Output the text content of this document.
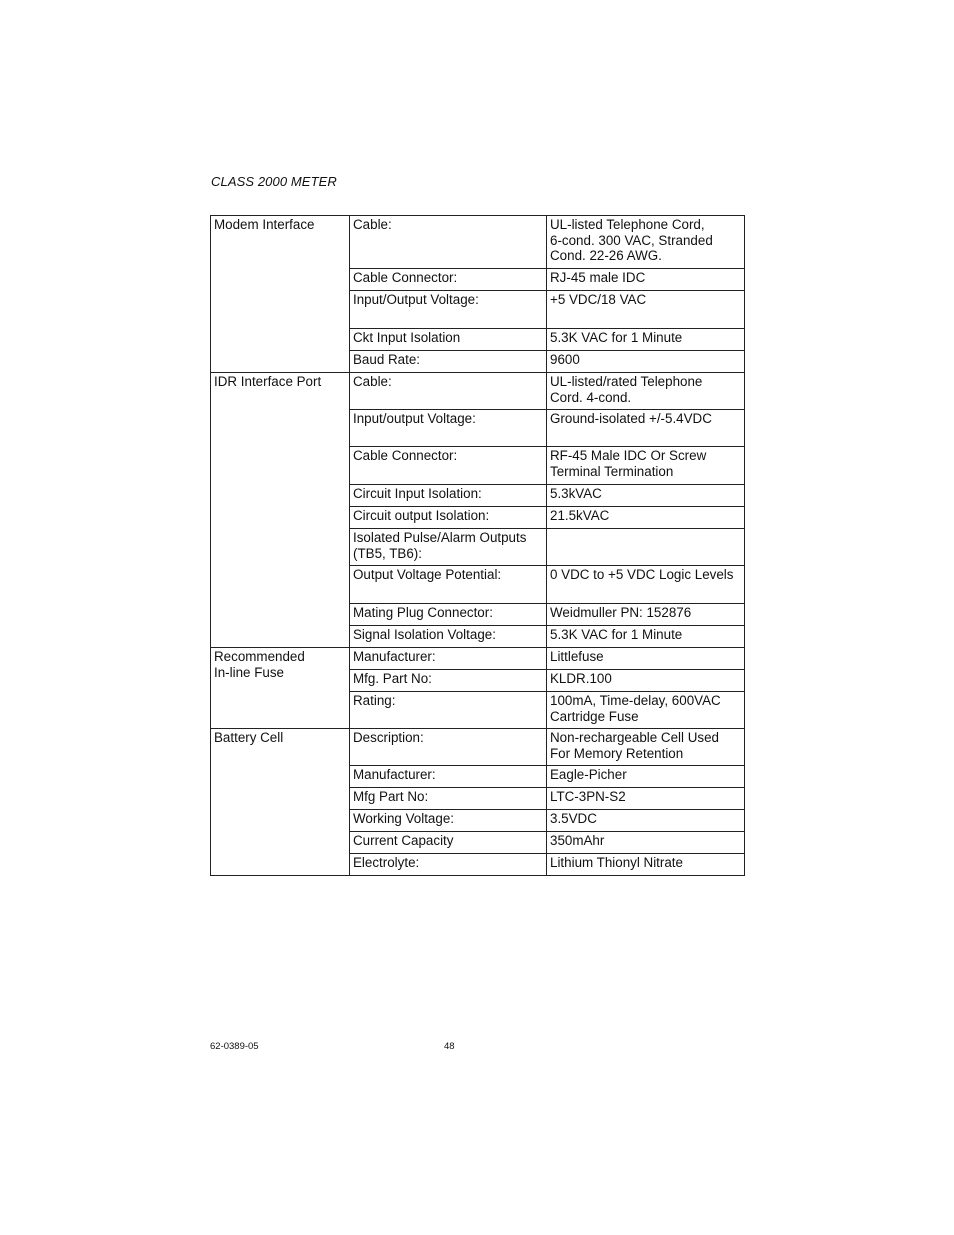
CLASS 2000 METER
Modem Interface	Cable:	UL-listed Telephone Cord,
6-cond. 300 VAC, Stranded
Cond. 22-26 AWG.
	Cable Connector:	RJ-45 male IDC
	Input/Output Voltage:	+5 VDC/18 VAC
	Ckt Input Isolation	5.3K VAC for 1 Minute
	Baud Rate:	9600
IDR Interface Port	Cable:	UL-listed/rated Telephone
Cord. 4-cond.
	Input/output Voltage:	Ground-isolated +/-5.4VDC
	Cable Connector:	RF-45 Male IDC Or Screw
Terminal Termination
	Circuit Input Isolation:	5.3kVAC
	Circuit output Isolation:	21.5kVAC
	Isolated Pulse/Alarm Outputs
(TB5, TB6):	
	Output Voltage Potential:	0 VDC to +5 VDC Logic Levels
	Mating Plug Connector:	Weidmuller PN: 152876
	Signal Isolation Voltage:	5.3K VAC for 1 Minute
Recommended
In-line Fuse	Manufacturer:	Littlefuse
	Mfg. Part No:	KLDR.100
	Rating:	100mA, Time-delay, 600VAC
Cartridge Fuse
Battery Cell	Description:	Non-rechargeable Cell Used
For Memory Retention
	Manufacturer:	Eagle-Picher
	Mfg Part No:	LTC-3PN-S2
	Working Voltage:	3.5VDC
	Current Capacity	350mAhr
	Electrolyte:	Lithium Thionyl Nitrate
62-0389-05	48
